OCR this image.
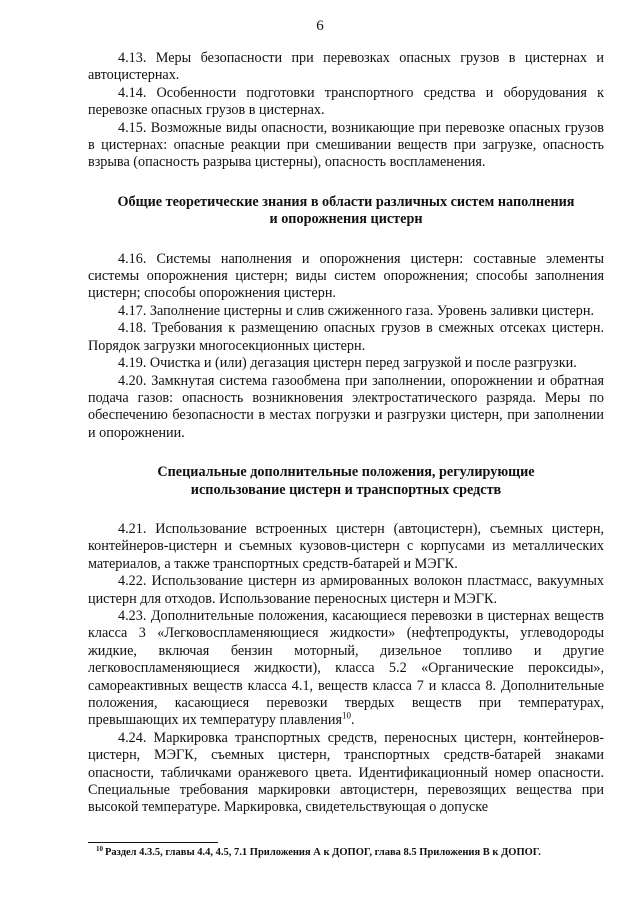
6

4.13. Меры безопасности при перевозках опасных грузов в цистернах и автоцистернах.

4.14. Особенности подготовки транспортного средства и оборудования к перевозке опасных грузов в цистернах.

4.15. Возможные виды опасности, возникающие при перевозке опасных грузов в цистернах: опасные реакции при смешивании веществ при загрузке, опасность взрыва (опасность разрыва цистерны), опасность воспламенения.

Общие теоретические знания в области различных систем наполнения и опорожнения цистерн

4.16. Системы наполнения и опорожнения цистерн: составные элементы системы опорожнения цистерн; виды систем опорожнения; способы заполнения цистерн; способы опорожнения цистерн.

4.17. Заполнение цистерны и слив сжиженного газа. Уровень заливки цистерн.

4.18. Требования к размещению опасных грузов в смежных отсеках цистерн. Порядок загрузки многосекционных цистерн.

4.19. Очистка и (или) дегазация цистерн перед загрузкой и после разгрузки.

4.20. Замкнутая система газообмена при заполнении, опорожнении и обратная подача газов: опасность возникновения электростатического разряда. Меры по обеспечению безопасности в местах погрузки и разгрузки цистерн, при заполнении и опорожнении.

Специальные дополнительные положения, регулирующие использование цистерн и транспортных средств

4.21. Использование встроенных цистерн (автоцистерн), съемных цистерн, контейнеров-цистерн и съемных кузовов-цистерн с корпусами из металлических материалов, а также транспортных средств-батарей и МЭГК.

4.22. Использование цистерн из армированных волокон пластмасс, вакуумных цистерн для отходов. Использование переносных цистерн и МЭГК.

4.23. Дополнительные положения, касающиеся перевозки в цистернах веществ класса 3 «Легковоспламеняющиеся жидкости» (нефтепродукты, углеводороды жидкие, включая бензин моторный, дизельное топливо и другие легковоспламеняющиеся жидкости), класса 5.2 «Органические пероксиды», самореактивных веществ класса 4.1, веществ класса 7 и класса 8. Дополнительные положения, касающиеся перевозки твердых веществ при температурах, превышающих их температуру плавления$^{10}$.

4.24. Маркировка транспортных средств, переносных цистерн, контейнеров-цистерн, МЭГК, съемных цистерн, транспортных средств-батарей знаками опасности, табличками оранжевого цвета. Идентификационный номер опасности. Специальные требования маркировки автоцистерн, перевозящих вещества при высокой температуре. Маркировка, свидетельствующая о допуске

$^{10}$ Раздел 4.3.5, главы 4.4, 4.5, 7.1 Приложения А к ДОПОГ, глава 8.5 Приложения В к ДОПОГ.
